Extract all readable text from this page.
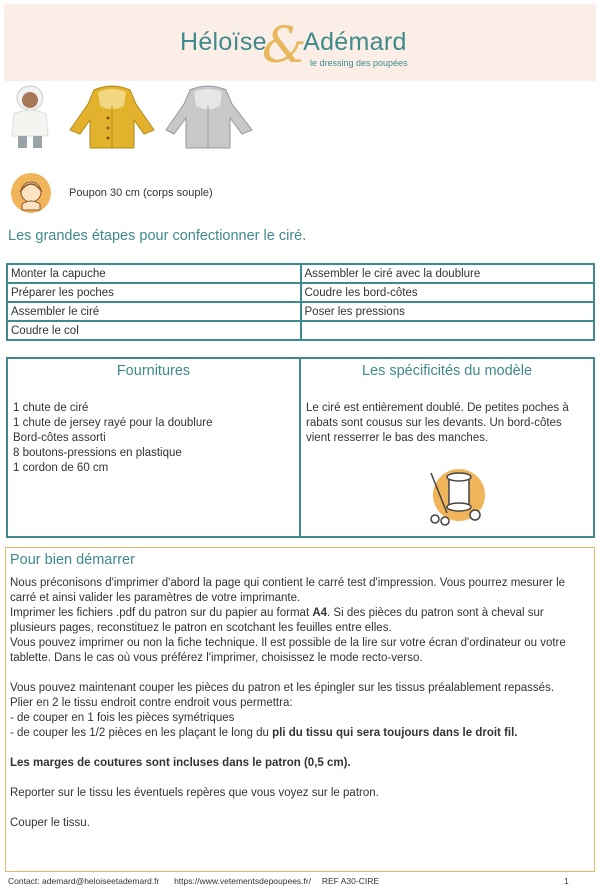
Héloïse Adémard
& le dressing des poupées
Poupon 30 cm (corps souple)
Les grandes étapes pour confectionner le ciré.
Monter la capuche	Assembler le ciré avec la doublure
Préparer les poches	Coudre les bord-côtes
Assembler le ciré	Poser les pressions
Coudre le col	
Fournitures
1 chute de ciré
1 chute de jersey rayé pour la doublure
Bord-côtes assorti
8 boutons-pressions en plastique
1 cordon de 60 cm
Les spécificités du modèle
Le ciré est entièrement doublé. De petites poches à rabats sont cousus sur les devants. Un bord-côtes vient resserrer le bas des manches.
Pour bien démarrer

Nous préconisons d'imprimer d'abord la page qui contient le carré test d'impression. Vous pourrez mesurer le carré et ainsi valider les paramètres de votre imprimante.

Imprimer les fichiers .pdf du patron sur du papier au format A4. Si des pièces du patron sont à cheval sur plusieurs pages, reconstituez le patron en scotchant les feuilles entre elles.

Vous pouvez imprimer ou non la fiche technique. Il est possible de la lire sur votre écran d'ordinateur ou votre tablette. Dans le cas où vous préférez l'imprimer, choisissez le mode recto-verso.

Vous pouvez maintenant couper les pièces du patron et les épingler sur les tissus préalablement repassés.

Plier en 2 le tissu endroit contre endroit vous permettra:

- de couper en 1 fois les pièces symétriques

- de couper les 1/2 pièces en les plaçant le long du pli du tissu qui sera toujours dans le droit fil.

Les marges de coutures sont incluses dans le patron (0,5 cm).

Reporter sur le tissu les éventuels repères que vous voyez sur le patron.

Couper le tissu.

Contact: ademard@heloiseetademard.fr https://www.vetementsdepoupees.fr/ REF A30-CIRE	1
